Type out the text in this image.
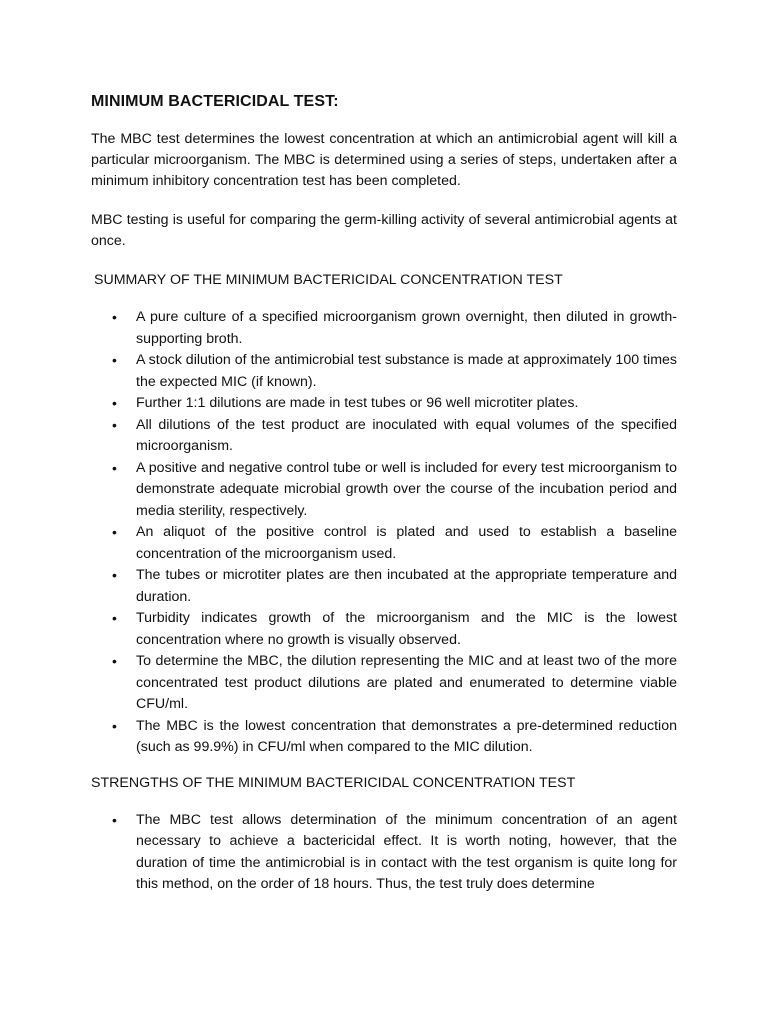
MINIMUM BACTERICIDAL TEST:

The MBC test determines the lowest concentration at which an antimicrobial agent will kill a particular microorganism. The MBC is determined using a series of steps, undertaken after a minimum inhibitory concentration test has been completed.

MBC testing is useful for comparing the germ-killing activity of several antimicrobial agents at once.

SUMMARY OF THE MINIMUM BACTERICIDAL CONCENTRATION TEST
• A pure culture of a specified microorganism grown overnight, then diluted in growth-supporting broth.
• A stock dilution of the antimicrobial test substance is made at approximately 100 times the expected MIC (if known).
• Further 1:1 dilutions are made in test tubes or 96 well microtiter plates.
• All dilutions of the test product are inoculated with equal volumes of the specified microorganism.
• A positive and negative control tube or well is included for every test microorganism to demonstrate adequate microbial growth over the course of the incubation period and media sterility, respectively.
• An aliquot of the positive control is plated and used to establish a baseline concentration of the microorganism used.
• The tubes or microtiter plates are then incubated at the appropriate temperature and duration.
• Turbidity indicates growth of the microorganism and the MIC is the lowest concentration where no growth is visually observed.
• To determine the MBC, the dilution representing the MIC and at least two of the more concentrated test product dilutions are plated and enumerated to determine viable CFU/ml.
• The MBC is the lowest concentration that demonstrates a pre-determined reduction (such as 99.9%) in CFU/ml when compared to the MIC dilution.
STRENGTHS OF THE MINIMUM BACTERICIDAL CONCENTRATION TEST
• The MBC test allows determination of the minimum concentration of an agent necessary to achieve a bactericidal effect. It is worth noting, however, that the duration of time the antimicrobial is in contact with the test organism is quite long for this method, on the order of 18 hours. Thus, the test truly does determine
